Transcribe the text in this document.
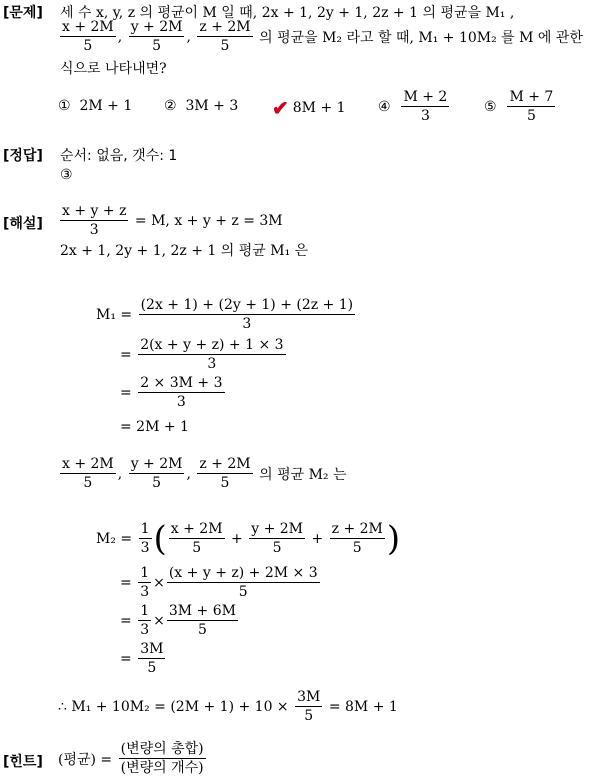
[문제] 세 수 x, y, z 의 평균이 M 일 때, 2x + 1, 2y + 1, 2z + 1 의 평균을 M₁ ,
$\frac{x + 2M}{5}$ ,
$\frac{y + 2M}{5}$ ,
$\frac{z + 2M}{5}$
의 평균을 M₂ 라고 할 때, M₁ + 10M₂ 를 M 에 관한
식으로 나타내면?
①
2M + 1 ②
3M + 3 ✔ 8M + 1 ④
$\frac{M + 2}{3}$ ⑤
$\frac{M + 7}{5}$
[정답] 순서: 없음, 갯수: 1
③
[해설] $\frac{x + y + z}{3}$
= M, x + y + z = 3M
2x + 1, 2y + 1, 2z + 1 의 평균 M₁ 은
M₁ =
$\frac{(2x + 1) + (2y + 1) + (2z + 1)}{3}$
=
$\frac{2(x + y + z) + 1 \times 3}{3}$
=
$\frac{2 \times 3M + 3}{3}$
= 2M + 1
$\frac{x + 2M}{5}$ ,
$\frac{y + 2M}{5}$ ,
$\frac{z + 2M}{5}$
의 평균 M₂ 는
M₂ =
$\frac{1}{3}$ ( $\frac{x + 2M}{5}$
+
$\frac{y + 2M}{5}$
+
$\frac{z + 2M}{5}$ )
=
$\frac{1}{3} \times \frac{(x + y + z) + 2M \times 3}{5}$
=
$\frac{1}{3} \times \frac{3M + 6M}{5}$
=
$\frac{3M}{5}$
∴ M₁ + 10M₂ = (2M + 1) + 10 ×
$\frac{3M}{5}$
= 8M + 1
[힌트] (평균) =
$\frac{\text{(변량의 총합)}}{\text{(변량의 개수)}}$
